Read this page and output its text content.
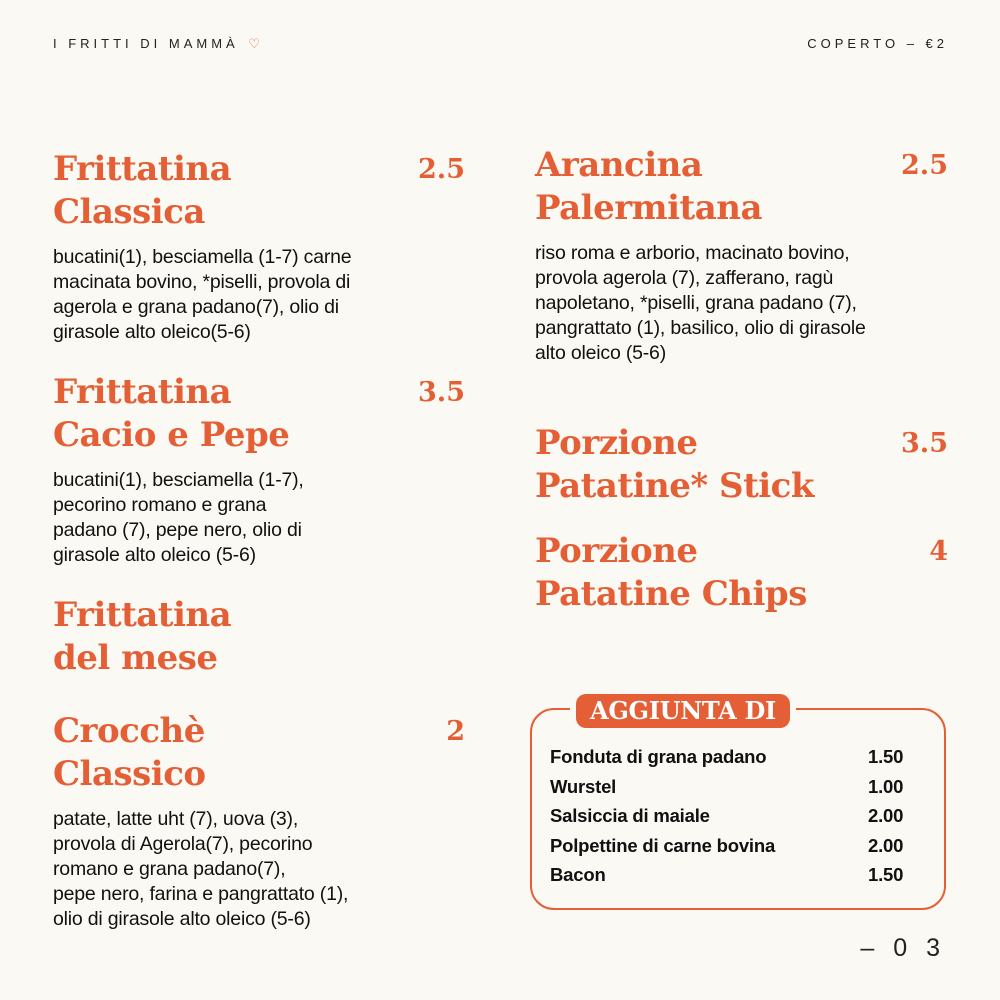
I FRITTI DI MAMMÀ ♡	COPERTO – €2
Frittatina
Classica
2.5
bucatini(1), besciamella (1-7) carne
macinata bovino, *piselli, provola di
agerola e grana padano(7), olio di
girasole alto oleico(5-6)
Frittatina
Cacio e Pepe
3.5
bucatini(1), besciamella (1-7),
pecorino romano e grana
padano (7), pepe nero, olio di
girasole alto oleico (5-6)
Frittatina
del mese
Crocchè
Classico
2
patate, latte uht (7), uova (3),
provola di Agerola(7), pecorino
romano e grana padano(7),
pepe nero, farina e pangrattato (1),
olio di girasole alto oleico (5-6)
Arancina
Palermitana
2.5
riso roma e arborio, macinato bovino,
provola agerola (7), zafferano, ragù
napoletano, *piselli, grana padano (7),
pangrattato (1), basilico, olio di girasole
alto oleico (5-6)
Porzione
Patatine* Stick
3.5
Porzione
Patatine Chips
4
AGGIUNTA DI
Fonduta di grana padano	1.50
Wurstel	1.00
Salsiccia di maiale	2.00
Polpettine di carne bovina	2.00
Bacon	1.50
– 0 3
